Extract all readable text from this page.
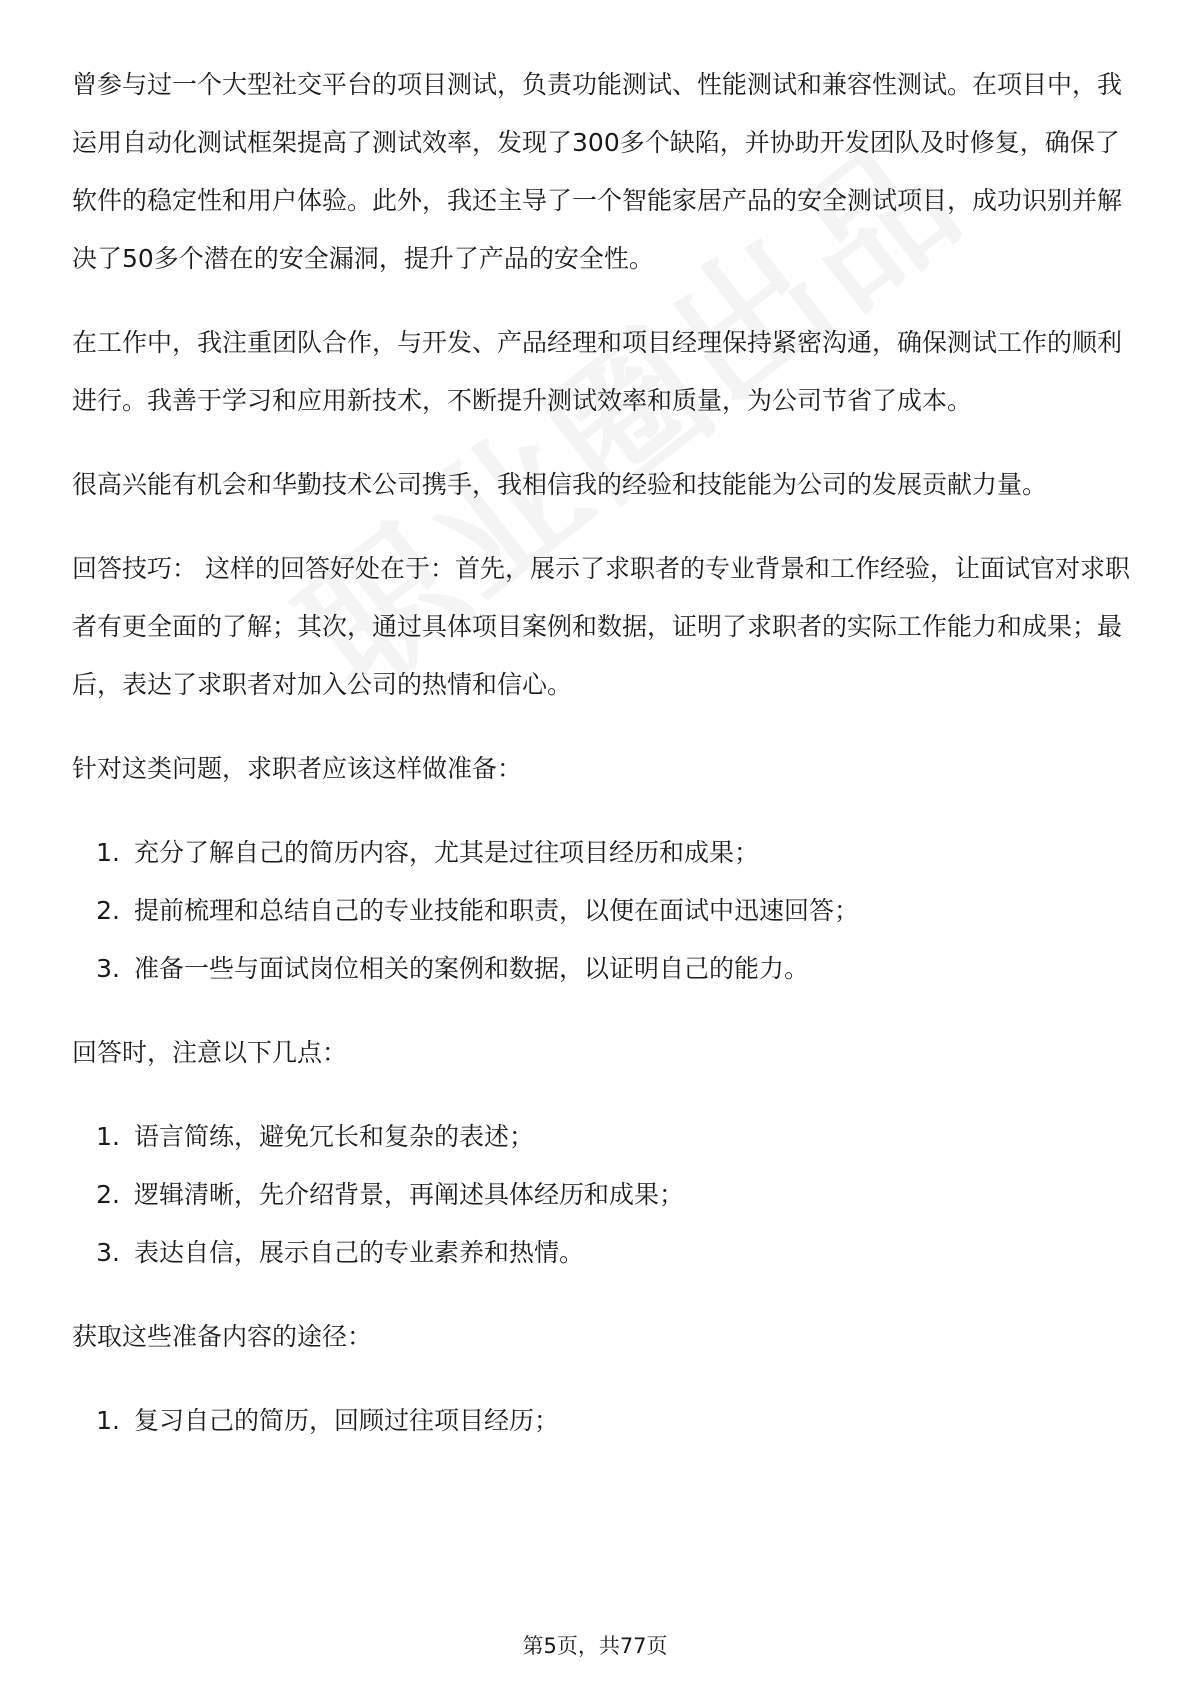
曾参与过一个大型社交平台的项目测试，负责功能测试、性能测试和兼容性测试。在项目中，我运用自动化测试框架提高了测试效率，发现了300多个缺陷，并协助开发团队及时修复，确保了软件的稳定性和用户体验。此外，我还主导了一个智能家居产品的安全测试项目，成功识别并解决了50多个潜在的安全漏洞，提升了产品的安全性。

在工作中，我注重团队合作，与开发、产品经理和项目经理保持紧密沟通，确保测试工作的顺利进行。我善于学习和应用新技术，不断提升测试效率和质量，为公司节省了成本。

很高兴能有机会和华勤技术公司携手，我相信我的经验和技能能为公司的发展贡献力量。

回答技巧： 这样的回答好处在于：首先，展示了求职者的专业背景和工作经验，让面试官对求职者有更全面的了解；其次，通过具体项目案例和数据，证明了求职者的实际工作能力和成果；最后，表达了求职者对加入公司的热情和信心。

针对这类问题，求职者应该这样做准备：

1. 充分了解自己的简历内容，尤其是过往项目经历和成果；
2. 提前梳理和总结自己的专业技能和职责，以便在面试中迅速回答；
3. 准备一些与面试岗位相关的案例和数据，以证明自己的能力。

回答时，注意以下几点：

1. 语言简练，避免冗长和复杂的表述；
2. 逻辑清晰，先介绍背景，再阐述具体经历和成果；
3. 表达自信，展示自己的专业素养和热情。

获取这些准备内容的途径：

1. 复习自己的简历，回顾过往项目经历；
第5页，共77页
